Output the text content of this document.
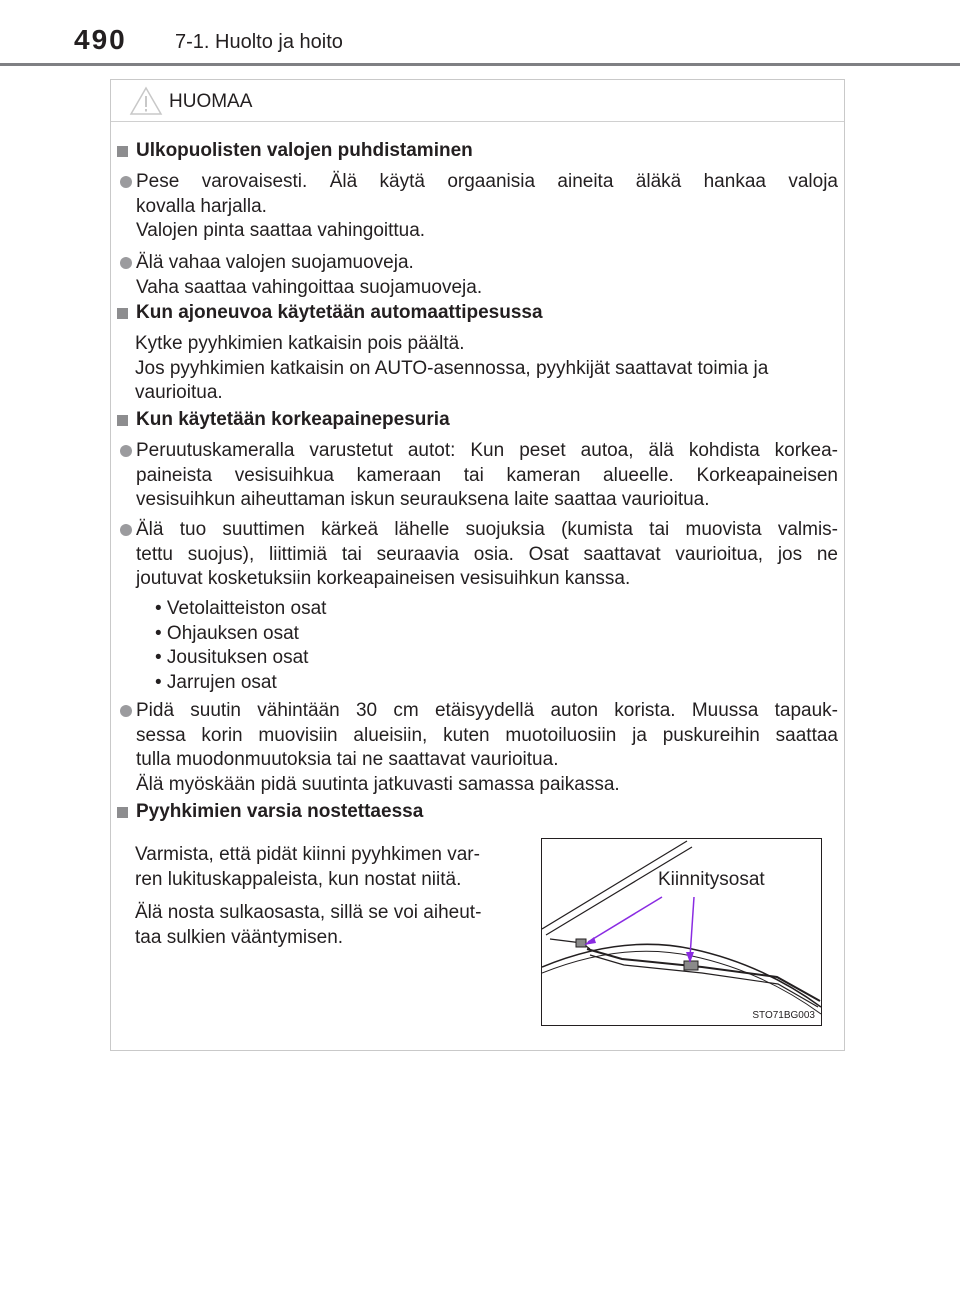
490 7-1. Huolto ja hoito
HUOMAA
Ulkopuolisten valojen puhdistaminen
Pese varovaisesti. Älä käytä orgaanisia aineita äläkä hankaa valoja
kovalla harjalla.
Valojen pinta saattaa vahingoittua.
Älä vahaa valojen suojamuoveja.
Vaha saattaa vahingoittaa suojamuoveja.
Kun ajoneuvoa käytetään automaattipesussa
Kytke pyyhkimien katkaisin pois päältä.
Jos pyyhkimien katkaisin on AUTO-asennossa, pyyhkijät saattavat toimia ja
vaurioitua.
Kun käytetään korkeapainepesuria
Peruutuskameralla varustetut autot: Kun peset autoa, älä kohdista korkea-
paineista vesisuihkua kameraan tai kameran alueelle. Korkeapaineisen
vesisuihkun aiheuttaman iskun seurauksena laite saattaa vaurioitua.
Älä tuo suuttimen kärkeä lähelle suojuksia (kumista tai muovista valmis-
tettu suojus), liittimiä tai seuraavia osia. Osat saattavat vaurioitua, jos ne
joutuvat kosketuksiin korkeapaineisen vesisuihkun kanssa.
• Vetolaitteiston osat
• Ohjauksen osat
• Jousituksen osat
• Jarrujen osat
Pidä suutin vähintään 30 cm etäisyydellä auton korista. Muussa tapauk-
sessa korin muovisiin alueisiin, kuten muotoiluosiin ja puskureihin saattaa
tulla muodonmuutoksia tai ne saattavat vaurioitua.
Älä myöskään pidä suutinta jatkuvasti samassa paikassa.
Pyyhkimien varsia nostettaessa
Varmista, että pidät kiinni pyyhkimen var-
ren lukituskappaleista, kun nostat niitä.
Älä nosta sulkaosasta, sillä se voi aiheut-
taa sulkien vääntymisen.
Kiinnitysosat
STO71BG003
